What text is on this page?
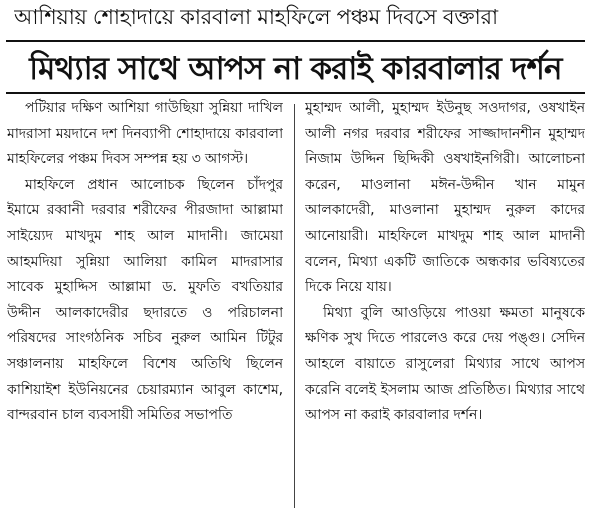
আশিয়ায় শোহাদায়ে কারবালা মাহফিলে পঞ্চম দিবসে বক্তারা
মিথ্যার সাথে আপস না করাই কারবালার দর্শন

পটিয়ার দক্ষিণ আশিয়া গাউছিয়া সুন্নিয়া দাখিল মাদরাসা ময়দানে দশ দিনব্যাপী শোহাদায়ে কারবালা মাহফিলের পঞ্চম দিবস সম্পন্ন হয় ৩ আগস্ট।

মাহফিলে প্রধান আলোচক ছিলেন চাঁদপুর ইমামে রব্বানী দরবার শরীফের পীরজাদা আল্লামা সাইয়্যেদ মাখদুম শাহ আল মাদানী। জামেয়া আহমদিয়া সুন্নিয়া আলিয়া কামিল মাদরাসার সাবেক মুহাদ্দিস আল্লামা ড. মুফতি বখতিয়ার উদ্দীন আলকাদেরীর ছদারতে ও পরিচালনা পরিষদের সাংগঠনিক সচিব নুরুল আমিন টিটুর সঞ্চালনায় মাহফিলে বিশেষ অতিথি ছিলেন কাশিয়াইশ ইউনিয়নের চেয়ারম্যান আবুল কাশেম, বান্দরবান চাল ব্যবসায়ী সমিতির সভাপতি

মুহাম্মদ আলী, মুহাম্মদ ইউনুছ সওদাগর, ওষখাইন আলী নগর দরবার শরীফের সাজ্জাদানশীন মুহাম্মদ নিজাম উদ্দিন ছিদ্দিকী ওষখাইনগিরী। আলোচনা করেন, মাওলানা মঈন-উদ্দীন খান মামুন আলকাদেরী, মাওলানা মুহাম্মদ নুরুল কাদের আনোয়ারী। মাহফিলে মাখদুম শাহ আল মাদানী বলেন, মিথ্যা একটি জাতিকে অন্ধকার ভবিষ্যতের দিকে নিয়ে যায়।

মিথ্যা বুলি আওড়িয়ে পাওয়া ক্ষমতা মানুষকে ক্ষণিক সুখ দিতে পারলেও করে দেয় পঙ্গু। সেদিন আহলে বায়াতে রাসুলেরা মিথ্যার সাথে আপস করেনি বলেই ইসলাম আজ প্রতিষ্ঠিত। মিথ্যার সাথে আপস না করাই কারবালার দর্শন।
